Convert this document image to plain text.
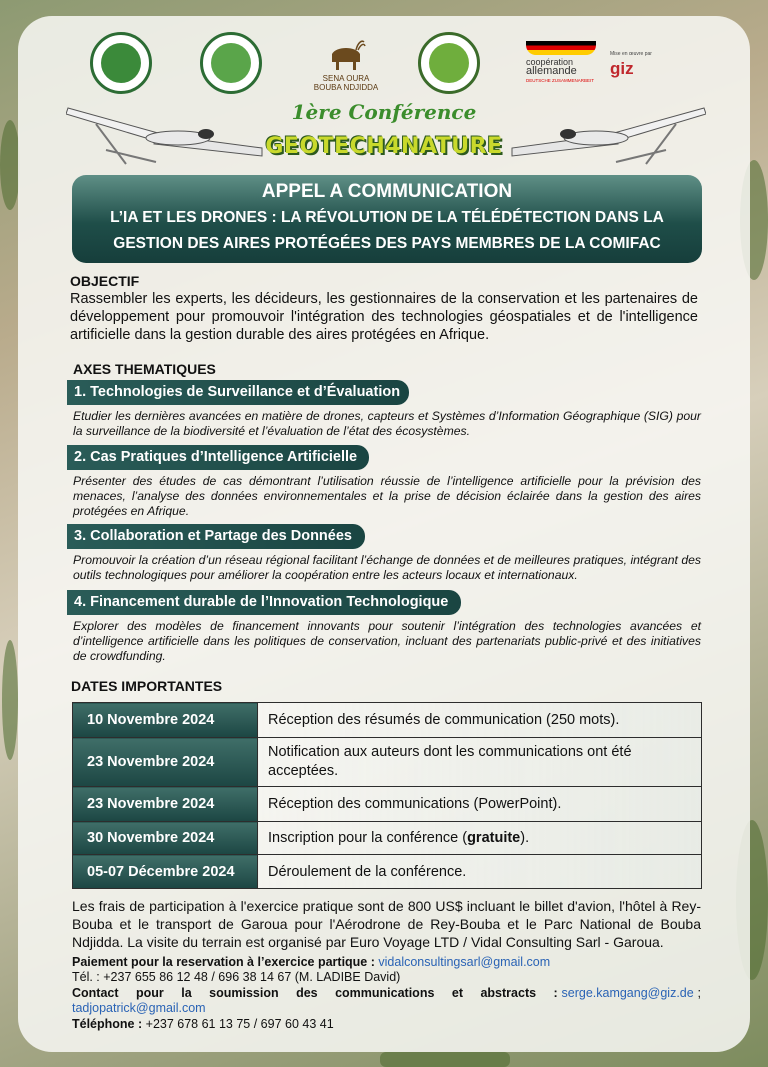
SENA OURA
BOUBA NDJIDDA
coopération
allemande
DEUTSCHE ZUSAMMENARBEIT
Mise en œuvre par
giz
1ère Conférence
GEOTECH4NATURE
APPEL A COMMUNICATION
L’IA ET LES DRONES : LA RÉVOLUTION DE LA TÉLÉDÉTECTION DANS LA
GESTION DES AIRES PROTÉGÉES DES PAYS MEMBRES DE LA COMIFAC
OBJECTIF
Rassembler les experts, les décideurs, les gestionnaires de la conservation et les partenaires de développement pour promouvoir l'intégration des technologies géospatiales et de l'intelligence artificielle dans la gestion durable des aires protégées en Afrique.
AXES THEMATIQUES
1. Technologies de Surveillance et d’Évaluation
Etudier les dernières avancées en matière de drones, capteurs et Systèmes d’Information Géographique (SIG) pour la surveillance de la biodiversité et l’évaluation de l’état des écosystèmes.
2. Cas Pratiques d’Intelligence Artificielle
Présenter des études de cas démontrant l’utilisation réussie de l’intelligence artificielle pour la prévision des menaces, l’analyse des données environnementales et la prise de décision éclairée dans la gestion des aires protégées en Afrique.
3. Collaboration et Partage des Données
Promouvoir la création d’un réseau régional facilitant l’échange de données et de meilleures pratiques, intégrant des outils technologiques pour améliorer la coopération entre les acteurs locaux et internationaux.
4. Financement durable de l’Innovation Technologique
Explorer des modèles de financement innovants pour soutenir l’intégration des technologies avancées et d’intelligence artificielle dans les politiques de conservation, incluant des partenariats public-privé et des initiatives de crowdfunding.
DATES IMPORTANTES
10 Novembre 2024	Réception des résumés de communication (250 mots).
23 Novembre 2024	Notification aux auteurs dont les communications ont été acceptées.
23 Novembre 2024	Réception des communications (PowerPoint).
30 Novembre 2024	Inscription pour la conférence (gratuite).
05-07 Décembre 2024	Déroulement de la conférence.
Les frais de participation à l'exercice pratique sont de 800 US$ incluant le billet d'avion, l'hôtel à Rey-Bouba et le transport de Garoua pour l'Aérodrone de Rey-Bouba et le Parc National de Bouba Ndjidda. La visite du terrain est organisé par Euro Voyage LTD / Vidal Consulting Sarl - Garoua.
Paiement pour la reservation à l’exercice partique : vidalconsultingsarl@gmail.com
Tél. : +237 655 86 12 48 / 696 38 14 67 (M. LADIBE David)
Contact pour la soumission des communications et abstracts : serge.kamgang@giz.de ;
tadjopatrick@gmail.com
Téléphone : +237 678 61 13 75 / 697 60 43 41
